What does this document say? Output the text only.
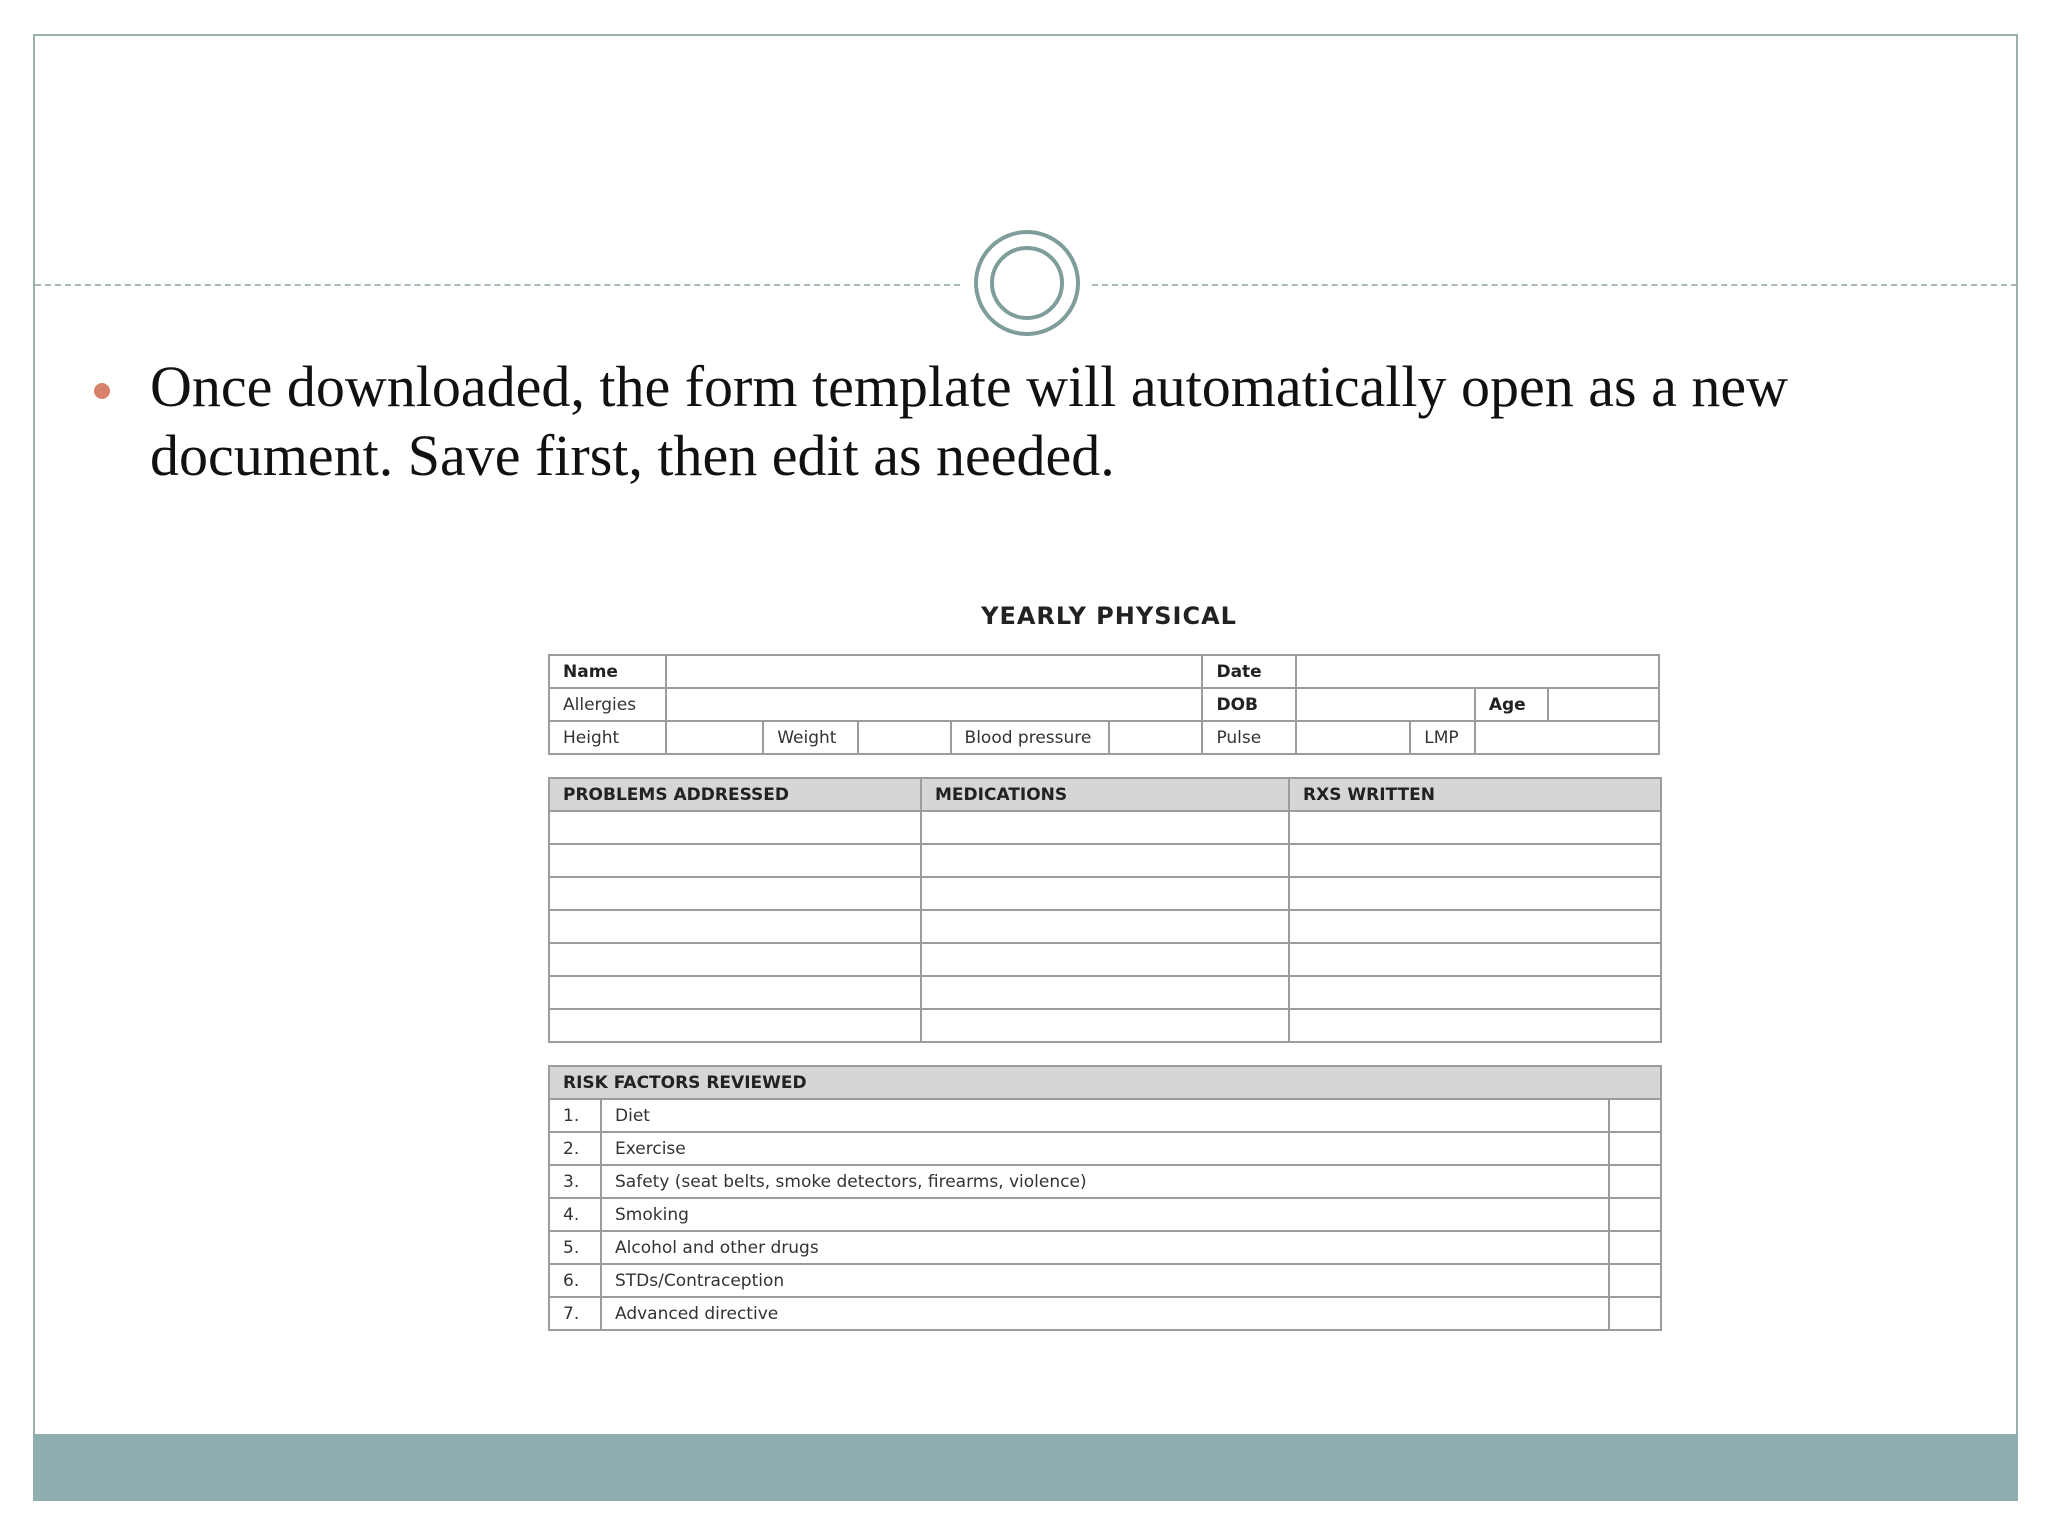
Once downloaded, the form template will automatically open as a new document. Save first, then edit as needed.
YEARLY PHYSICAL
Name						Date				
Allergies						DOB			Age	
Height		Weight		Blood pressure		Pulse		LMP		
PROBLEMS ADDRESSED	MEDICATIONS	RXS WRITTEN

RISK FACTORS REVIEWED		
1.	Diet	
2.	Exercise	
3.	Safety (seat belts, smoke detectors, firearms, violence)	
4.	Smoking	
5.	Alcohol and other drugs	
6.	STDs/Contraception	
7.	Advanced directive	
